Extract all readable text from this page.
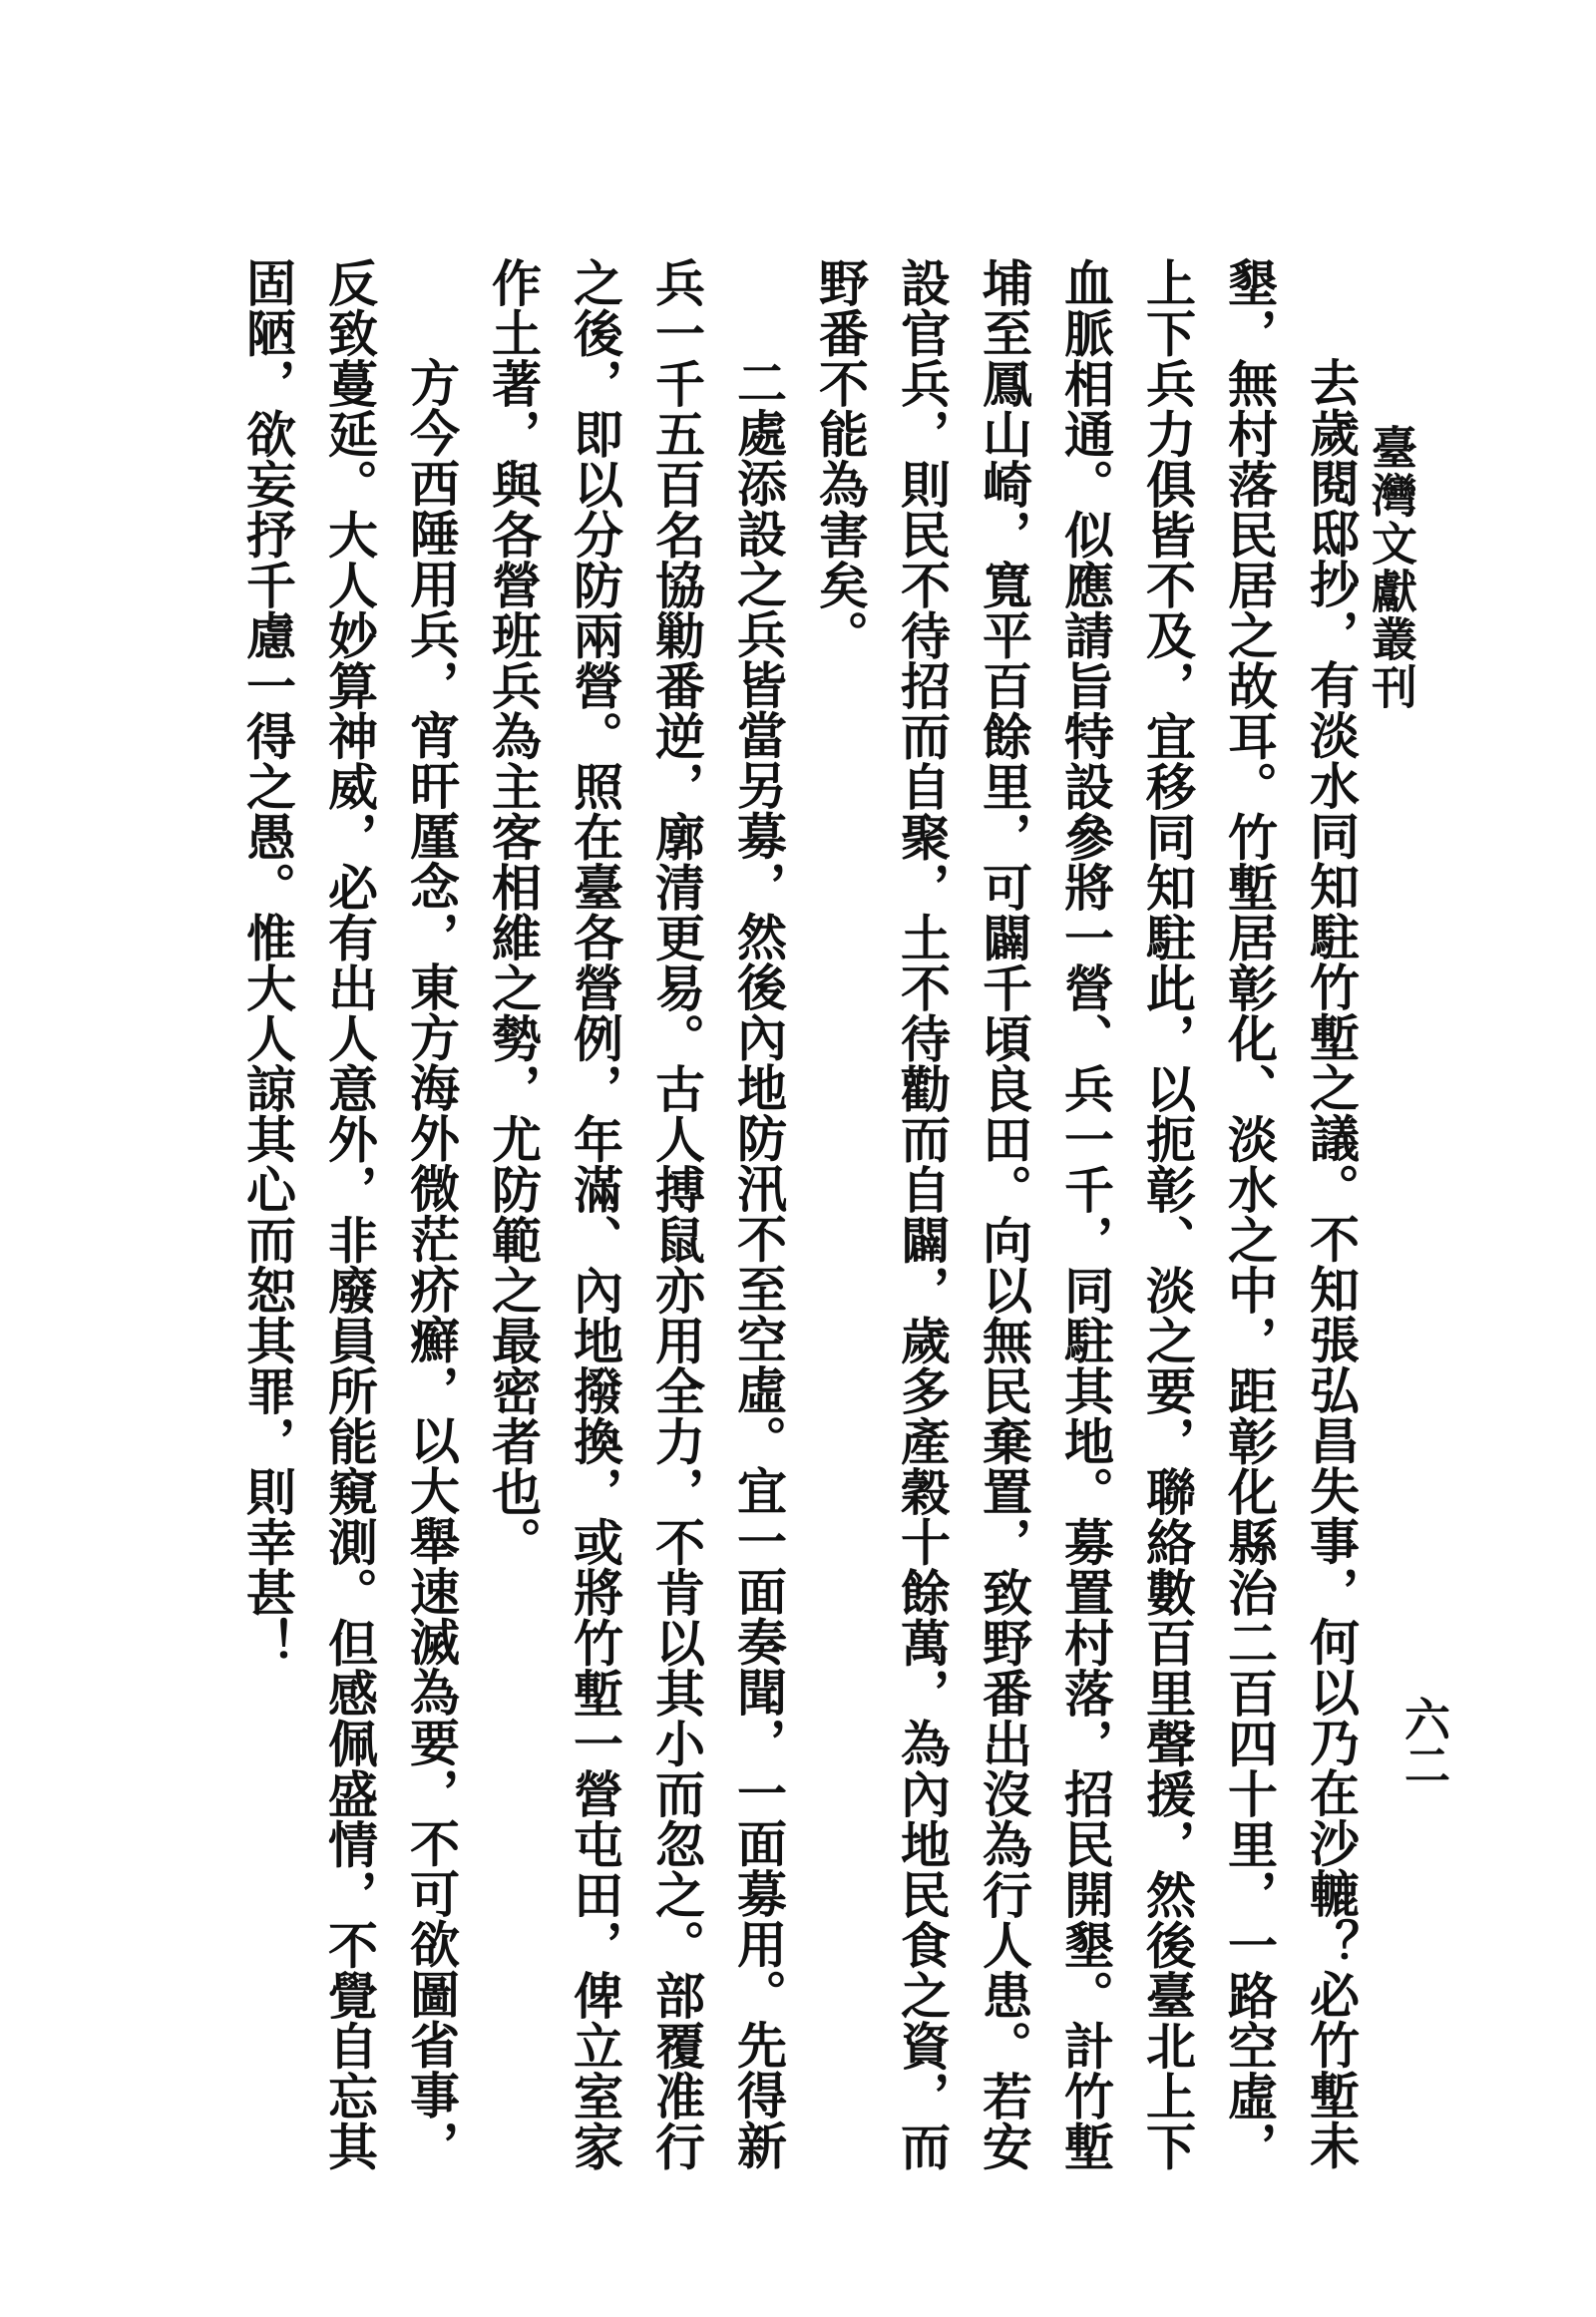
臺灣文獻叢刊
六二

去歲閱邸抄，有淡水同知駐竹塹之議。不知張弘昌失事，何以乃在沙轆？必竹塹未墾，無村落民居之故耳。竹塹居彰化、淡水之中，距彰化縣治二百四十里，一路空虛，上下兵力俱皆不及，宜移同知駐此，以扼彰、淡之要，聯絡數百里聲援，然後臺北上下血脈相通。似應請旨特設參將一營、兵一千，同駐其地。募置村落，招民開墾。計竹塹埔至鳳山崎，寬平百餘里，可闢千頃良田。向以無民棄置，致野番出沒為行人患。若安設官兵，則民不待招而自聚，土不待勸而自闢，歲多產穀十餘萬，為內地民食之資，而野番不能為害矣。

二處添設之兵皆當另募，然後內地防汛不至空虛。宜一面奏聞，一面募用。先得新兵一千五百名協勦番逆，廓清更易。古人搏鼠亦用全力，不肯以其小而忽之。部覆准行之後，即以分防兩營。照在臺各營例，年滿、內地撥換，或將竹塹一營屯田，俾立室家作土著，與各營班兵為主客相維之勢，尤防範之最密者也。

方今西陲用兵，宵旰厪念，東方海外微茫疥癬，以大舉速滅為要，不可欲圖省事，反致蔓延。大人妙算神威，必有出人意外，非廢員所能窺測。但感佩盛情，不覺自忘其固陋，欲妄抒千慮一得之愚。惟大人諒其心而恕其罪，則幸甚！
